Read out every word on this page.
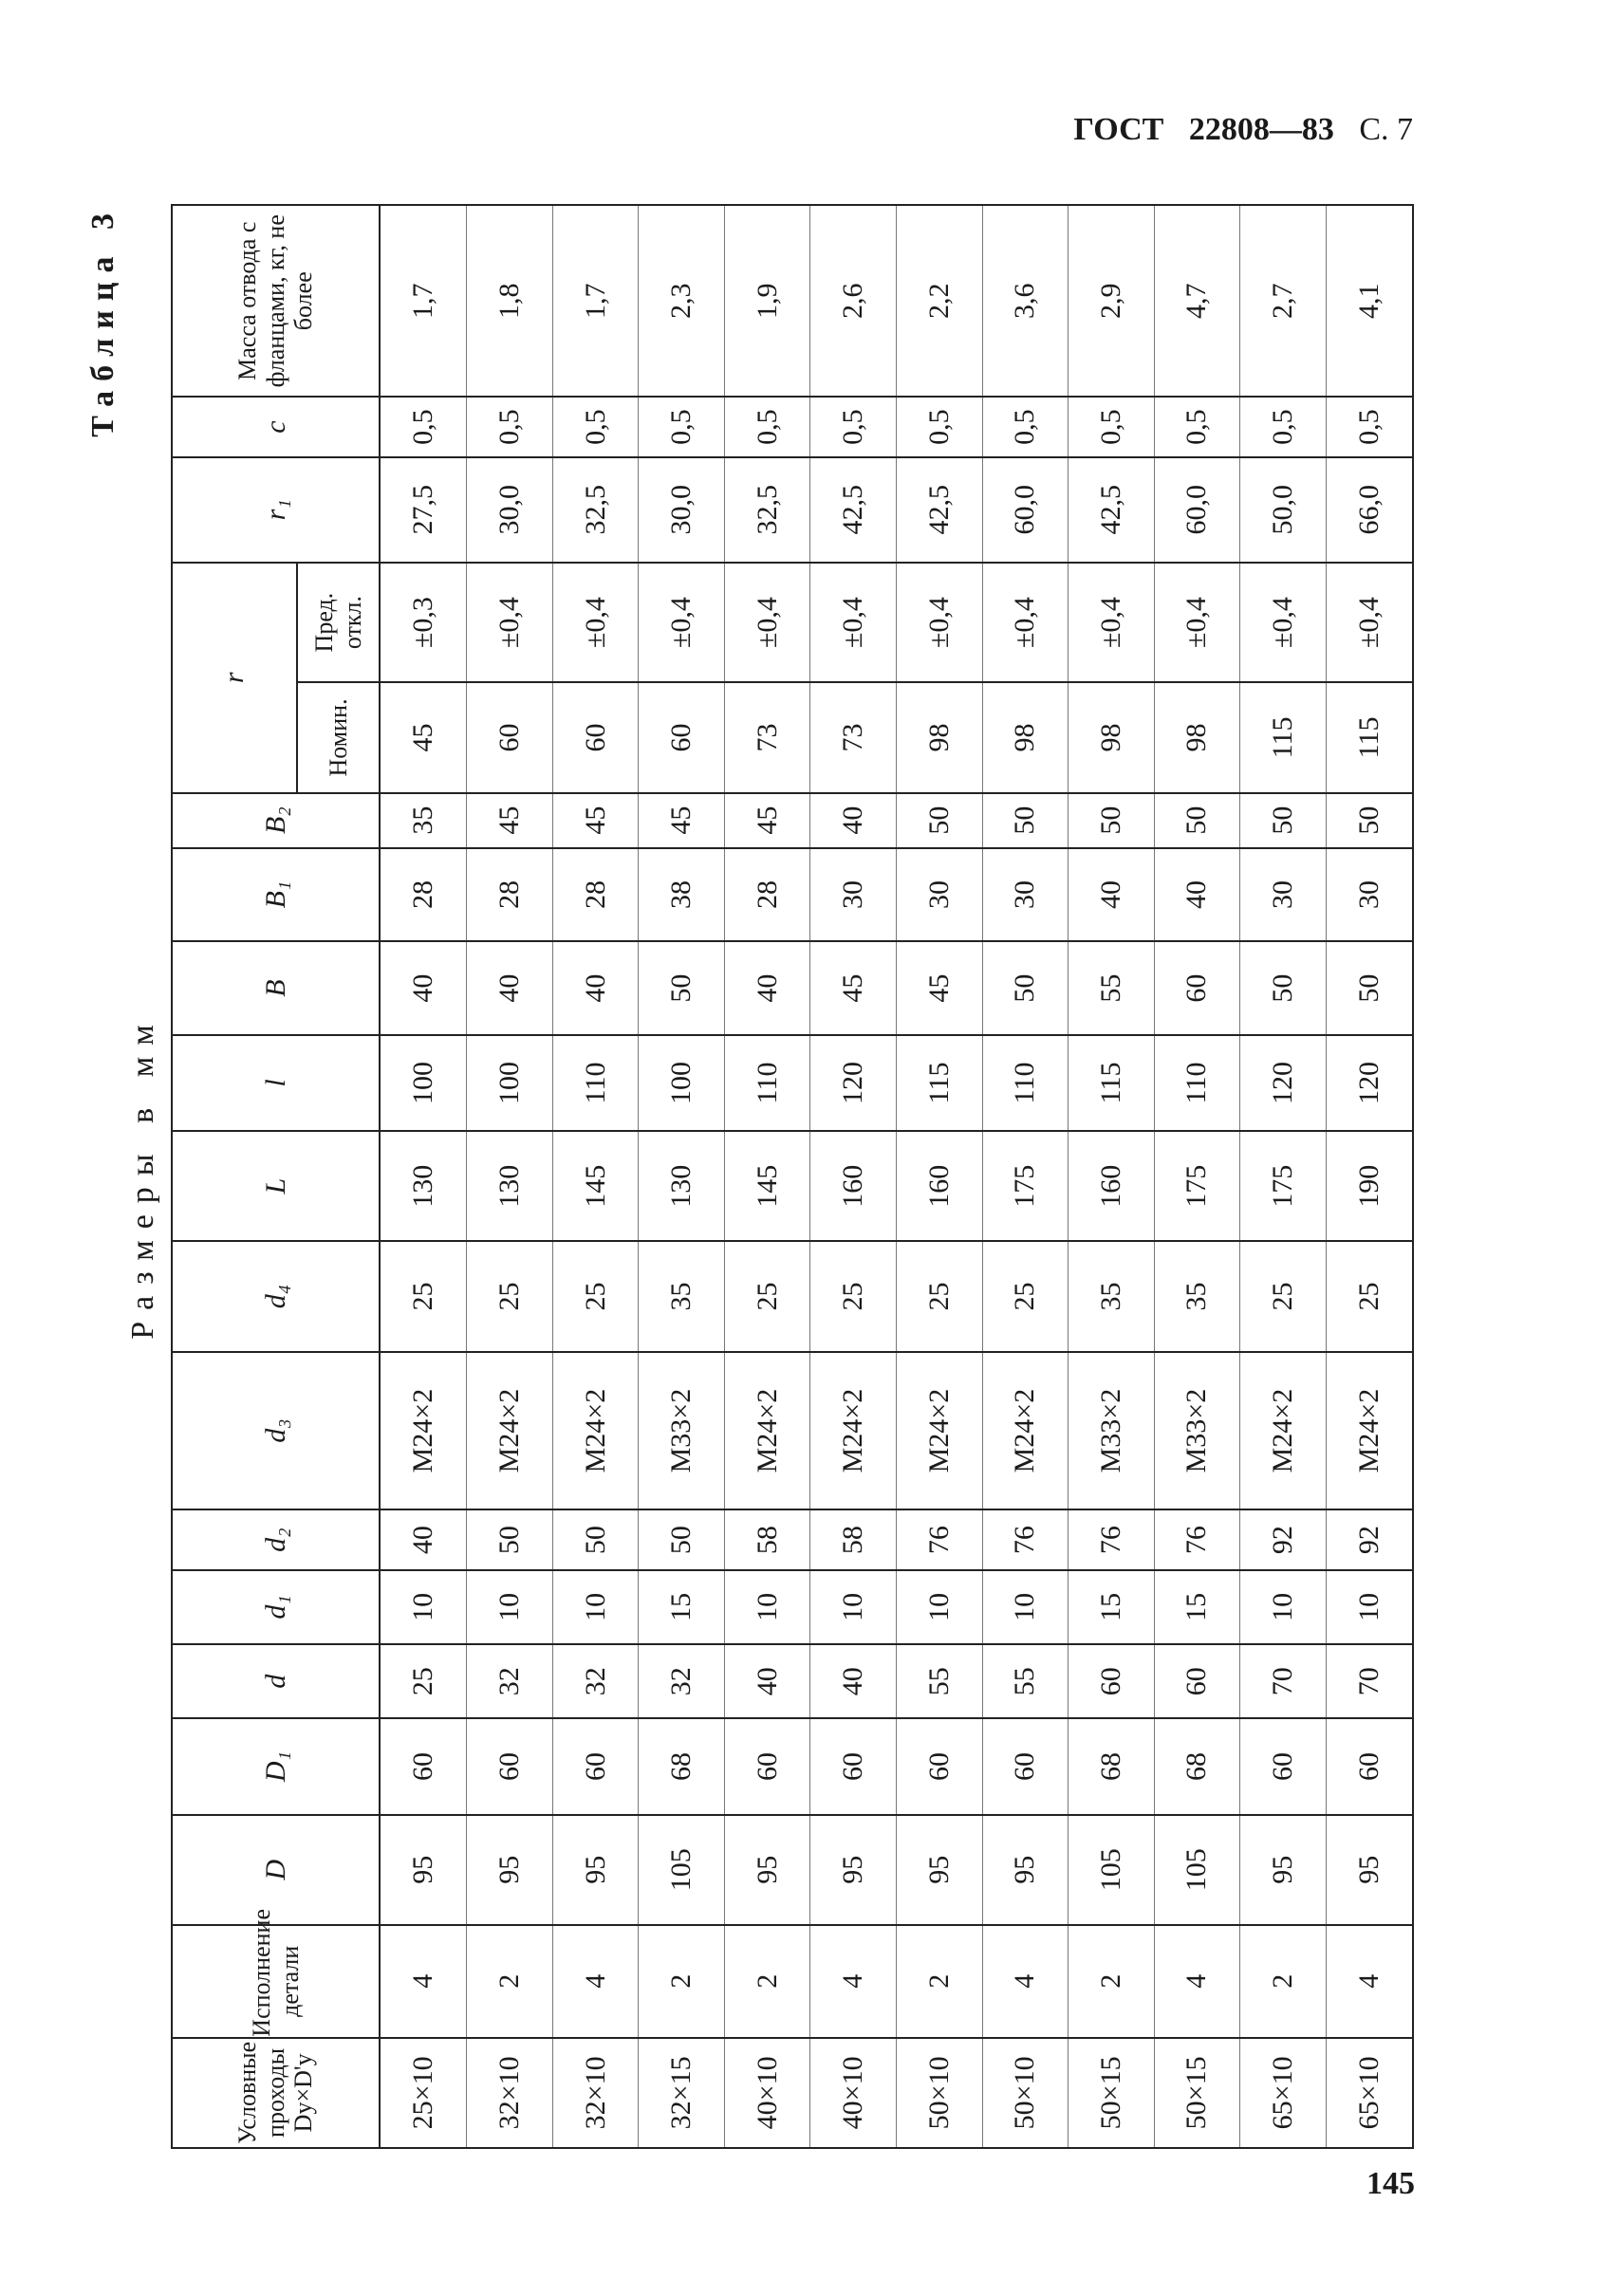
ГОСТ 22808—83 С. 7
Таблица 3
Размеры в мм
Условные проходы Dу×D'у	Исполнение детали	D	D₁	d	d₁	d₂	d₃	d₄	L	l	B	B₁	B₂	r		r₁	c	Масса отвода с фланцами, кг, не более
														Номин.	Пред. откл.			
25×10	4	95	60	25	10	40	M24×2	25	130	100	40	28	35	45	±0,3	27,5	0,5	1,7
32×10	2	95	60	32	10	50	M24×2	25	130	100	40	28	45	60	±0,4	30,0	0,5	1,8
32×10	4	95	60	32	10	50	M24×2	25	145	110	40	28	45	60	±0,4	32,5	0,5	1,7
32×15	2	105	68	32	15	50	M33×2	35	130	100	50	38	45	60	±0,4	30,0	0,5	2,3
40×10	2	95	60	40	10	58	M24×2	25	145	110	40	28	45	73	±0,4	32,5	0,5	1,9
40×10	4	95	60	40	10	58	M24×2	25	160	120	45	30	40	73	±0,4	42,5	0,5	2,6
50×10	2	95	60	55	10	76	M24×2	25	160	115	45	30	50	98	±0,4	42,5	0,5	2,2
50×10	4	95	60	55	10	76	M24×2	25	175	110	50	30	50	98	±0,4	60,0	0,5	3,6
50×15	2	105	68	60	15	76	M33×2	35	160	115	55	40	50	98	±0,4	42,5	0,5	2,9
50×15	4	105	68	60	15	76	M33×2	35	175	110	60	40	50	98	±0,4	60,0	0,5	4,7
65×10	2	95	60	70	10	92	M24×2	25	175	120	50	30	50	115	±0,4	50,0	0,5	2,7
65×10	4	95	60	70	10	92	M24×2	25	190	120	50	30	50	115	±0,4	66,0	0,5	4,1
145
